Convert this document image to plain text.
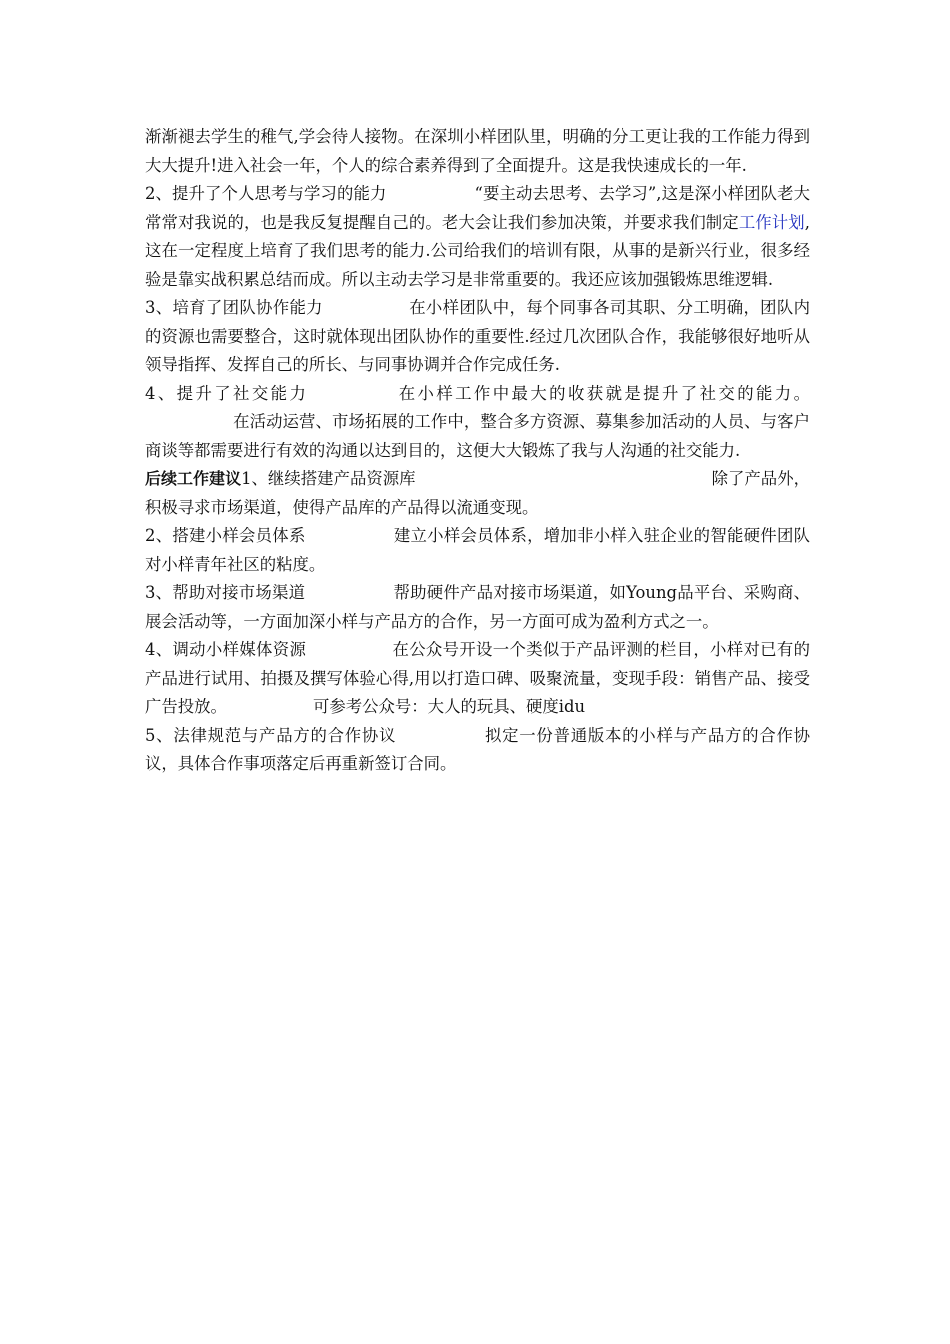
渐渐褪去学生的稚气,学会待人接物。在深圳小样团队里，明确的分工更让我的工作能力得到大大提升!进入社会一年，个人的综合素养得到了全面提升。这是我快速成长的一年.

2、提升了个人思考与学习的能力	“要主动去思考、去学习”,这是深小样团队老大常常对我说的，也是我反复提醒自己的。老大会让我们参加决策，并要求我们制定工作计划,这在一定程度上培育了我们思考的能力.公司给我们的培训有限，从事的是新兴行业，很多经验是靠实战积累总结而成。所以主动去学习是非常重要的。我还应该加强锻炼思维逻辑.

3、培育了团队协作能力	在小样团队中，每个同事各司其职、分工明确，团队内的资源也需要整合，这时就体现出团队协作的重要性.经过几次团队合作，我能够很好地听从领导指挥、发挥自己的所长、与同事协调并合作完成任务.

4、提升了社交能力	在小样工作中最大的收获就是提升了社交的能力。在活动运营、市场拓展的工作中，整合多方资源、募集参加活动的人员、与客户商谈等都需要进行有效的沟通以达到目的，这便大大锻炼了我与人沟通的社交能力.

后续工作建议1、继续搭建产品资源库	除了产品外，积极寻求市场渠道，使得产品库的产品得以流通变现。

2、搭建小样会员体系	建立小样会员体系，增加非小样入驻企业的智能硬件团队对小样青年社区的粘度。

3、帮助对接市场渠道	帮助硬件产品对接市场渠道，如Young品平台、采购商、展会活动等，一方面加深小样与产品方的合作，另一方面可成为盈利方式之一。

4、调动小样媒体资源	在公众号开设一个类似于产品评测的栏目，小样对已有的产品进行试用、拍摄及撰写体验心得,用以打造口碑、吸聚流量，变现手段：销售产品、接受广告投放。	可参考公众号：大人的玩具、硬度idu

5、法律规范与产品方的合作协议	拟定一份普通版本的小样与产品方的合作协议，具体合作事项落定后再重新签订合同。
